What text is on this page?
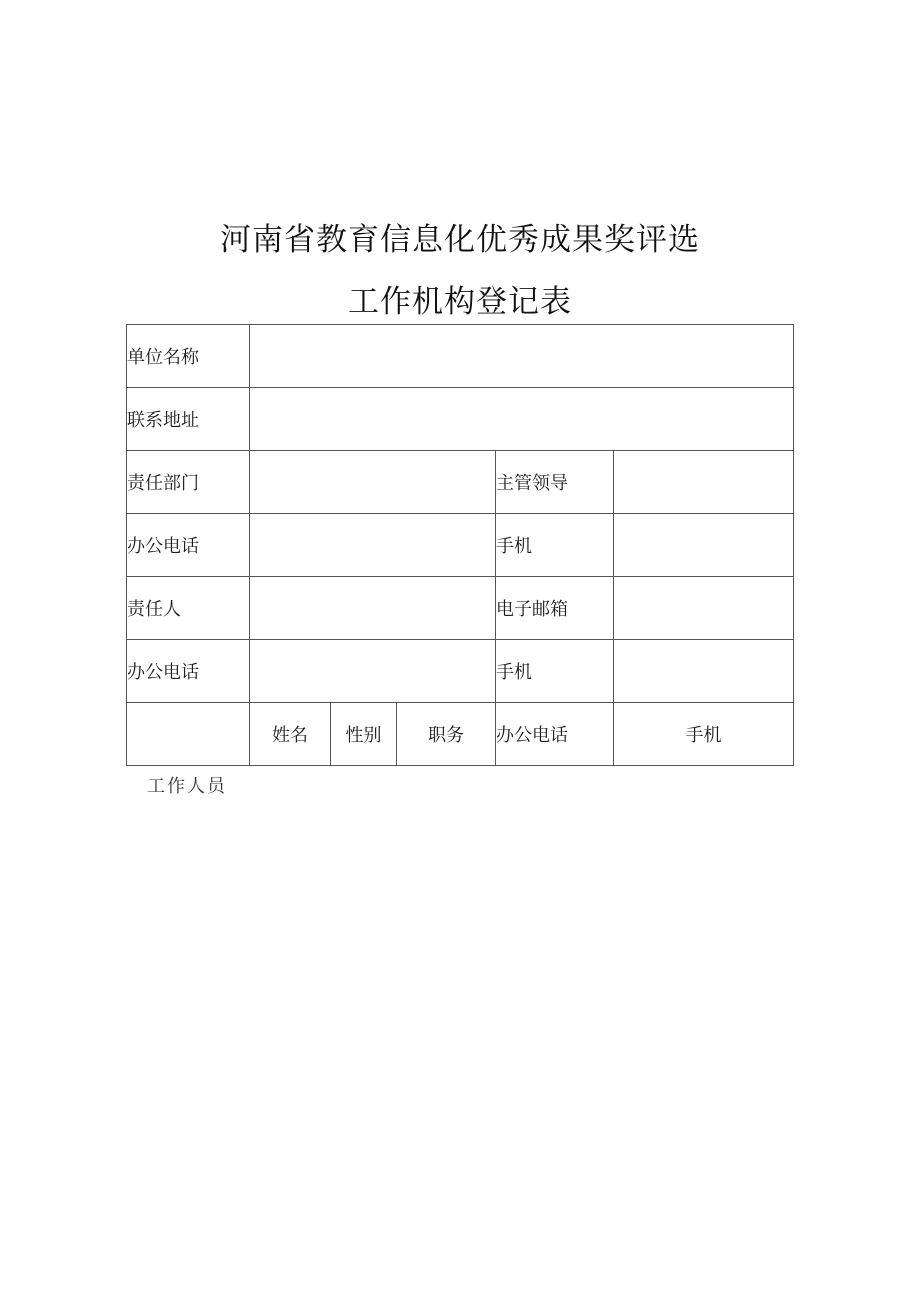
河南省教育信息化优秀成果奖评选
工作机构登记表
单位名称					
联系地址					
责任部门				主管领导	
办公电话				手机	
责任人				电子邮箱	
办公电话				手机	
	姓名	性别	职务	办公电话	手机
工作人员
